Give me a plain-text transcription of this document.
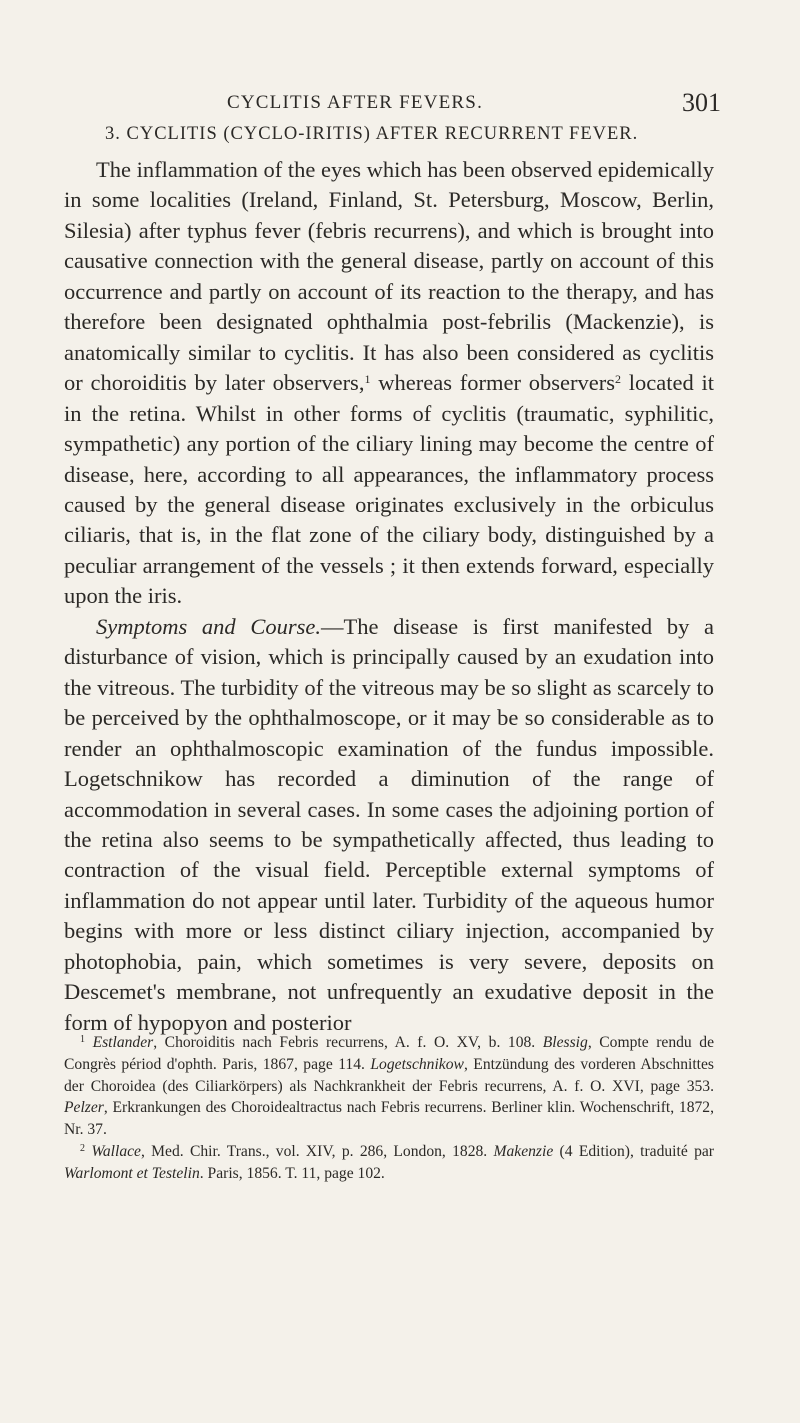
CYCLITIS AFTER FEVERS.	301
3. CYCLITIS (CYCLO-IRITIS) AFTER RECURRENT FEVER.

The inflammation of the eyes which has been observed epidemically in some localities (Ireland, Finland, St. Petersburg, Moscow, Berlin, Silesia) after typhus fever (febris recurrens), and which is brought into causative connection with the general disease, partly on account of this occurrence and partly on account of its reaction to the therapy, and has therefore been designated ophthalmia post-febrilis (Mackenzie), is anatomically similar to cyclitis. It has also been considered as cyclitis or choroiditis by later observers,$^1$ whereas former observers$^2$ located it in the retina. Whilst in other forms of cyclitis (traumatic, syphilitic, sympathetic) any portion of the ciliary lining may become the centre of disease, here, according to all appearances, the inflammatory process caused by the general disease originates exclusively in the orbiculus ciliaris, that is, in the flat zone of the ciliary body, distinguished by a peculiar arrangement of the vessels ; it then extends forward, especially upon the iris.

Symptoms and Course.—The disease is first manifested by a disturbance of vision, which is principally caused by an exudation into the vitreous. The turbidity of the vitreous may be so slight as scarcely to be perceived by the ophthalmoscope, or it may be so considerable as to render an ophthalmoscopic examination of the fundus impossible. Logetschnikow has recorded a diminution of the range of accommodation in several cases. In some cases the adjoining portion of the retina also seems to be sympathetically affected, thus leading to contraction of the visual field. Perceptible external symptoms of inflammation do not appear until later. Turbidity of the aqueous humor begins with more or less distinct ciliary injection, accompanied by photophobia, pain, which sometimes is very severe, deposits on Descemet's membrane, not unfrequently an exudative deposit in the form of hypopyon and posterior

$^1$ Estlander, Choroiditis nach Febris recurrens, A. f. O. XV, b. 108. Blessig, Compte rendu de Congrès périod d'ophth. Paris, 1867, page 114. Logetschnikow, Entzündung des vorderen Abschnittes der Choroidea (des Ciliarkörpers) als Nachkrankheit der Febris recurrens, A. f. O. XVI, page 353. Pelzer, Erkrankungen des Choroidealtractus nach Febris recurrens. Berliner klin. Wochenschrift, 1872, Nr. 37.

$^2$ Wallace, Med. Chir. Trans., vol. XIV, p. 286, London, 1828. Makenzie (4 Edition), traduité par Warlomont et Testelin. Paris, 1856. T. 11, page 102.
